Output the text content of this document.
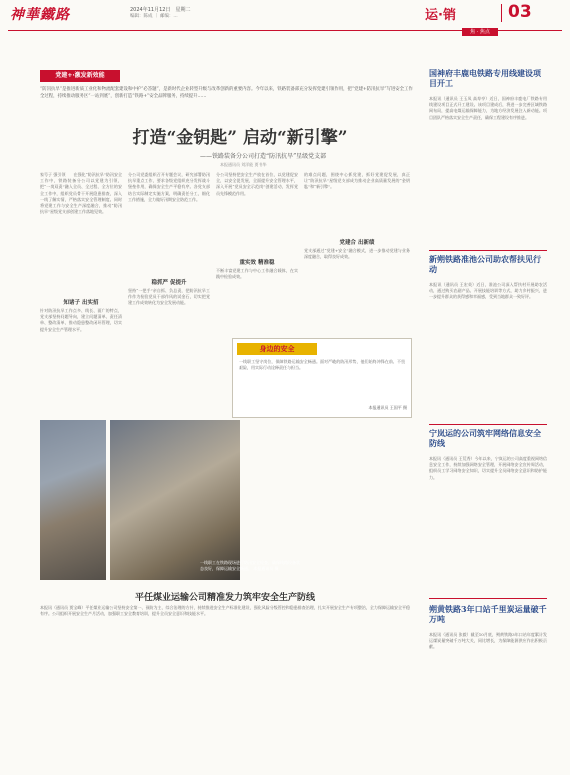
神華鐵路	2024年11月12日　星期二
编辑：陈成 ｜ 邮编：...	运·销	03
焦 · 焦点
党建+·激发新效能
“防汛抗旱”是推进新质工业化和物流配套建设和中护“必答题”，是新时代企业转型升级与改革创新的重要内容。今年以来，铁路装备部充分发挥党建引领作用，把“党建+防汛抗旱”写进安全工作全过程，持续推动服务区“一站到底”，创新打造“铁路+”安全品牌服务，持续提升……
打造“金钥匙” 启动“新引擎”
——铁路装备分公司打造“防汛抗旱”星级党支部
本报通讯员 刘洋能 贾书华
家号子 强引领　　在强化“防汛抗旱”防汛安全工作中，铁路装备分公司以党建为引领，把“一岗双责”融入全员、全过程、全方位的安全工作中，组织党员骨干开展隐患排查，深入一线了解实情，严格落实安全管理制度。同时将党建工作与安全生产深度融合，推动“防汛抗旱”星级党支部创建工作落地见效。
知诸子 出实招
针对防汛抗旱工作点多、线长、面广的特点，党支部坚持问题导向，建立问题清单、责任清单、整改清单，推动隐患整改闭环管理，切实提升安全生产管理水平。
分公司党委组织召开专题会议，研究部署防汛抗旱重点工作，要求各级党组织充分发挥战斗堡垒作用，确保安全生产平稳有序。各党支部结合实际制定实施方案，明确责任分工，细化工作措施，全力做好汛期安全防范工作。
稳抓严 促提升
坚持“一把手”亲自抓、负总责，把防汛抗旱工作作为检验党员干部作风的试金石，切实把党建工作成效转化为安全发展动能。
分公司坚持把安全生产放在首位，以党建促安全，以安全促发展，全面提升安全管理水平，深入开展“党员安全示范岗”创建活动，发挥党员先锋模范作用。
重实效 精准稳
不断丰富党建工作与中心工作融合载体，在实践中检验成效。
的难点问题，围绕中心抓党建，抓好党建促发展，真正让“防汛抗旱”星级党支部成为推动企业高质量发展的“金钥匙”和“新引擎”。
党建合 出新绩
党支部通过“党建+安全”融合模式，进一步推动党建与业务深度融合，取得良好成效。
身边的安全
一线职工坚守岗位，保障铁路运输安全畅通。面对严峻的防汛形势，他们始终冲锋在前、不畏艰险，用实际行动诠释责任与担当。
本报通讯员 王国平 摄
一线职工在铁路现场进行防汛安全检查，确保线路设备状态良好，保障运输安全畅通。 本报通讯员 摄
平任煤业运输公司精准发力筑牢安全生产防线
本报讯（通讯员 贾宝峰）平任煤业运输公司坚持安全第一、预防为主、综合治理的方针，持续推进安全生产标准化建设，强化风险分级管控和隐患排查治理，扎实开展安全生产专项整治，全力保障运输安全平稳有序。公司组织开展安全生产月活动，加强职工安全教育培训，提升全员安全意识和技能水平。
国神府丰鹿电铁路专用线建设项目开工
本报讯（通讯员 王玉凤 高寿亭）近日，国神府丰鹿电厂铁路专用线建设项目正式开工建设。该项目建成后，将进一步完善区域铁路网布局，提高电煤运输保障能力，为地方经济发展注入新动能。项目团队严格落实安全生产责任，确保工程建设有序推进。
新朔铁路准池公司助农帮扶见行动
本报讯（通讯员 王宏英）近日，准池公司深入帮扶村开展助农活动，通过购买农副产品、开展技能培训等方式，助力乡村振兴，进一步提升群众的获得感和幸福感，受到当地群众一致好评。
宁岚运的公司筑牢网络信息安全防线
本报讯（通讯员 王荒秀）今年以来，宁岚运的公司高度重视网络信息安全工作，持续加强网络安全管理，开展网络安全宣传周活动，组织员工学习网络安全知识，切实提升全员网络安全意识和防护能力。
朔黄铁路3年口站千里炭运量破千万吨
本报讯（通讯员 张毅）截至10月底，朔黄铁路3年口站年度累计发运煤炭量突破千万吨大关，同比增长，为保障能源供应作出积极贡献。
